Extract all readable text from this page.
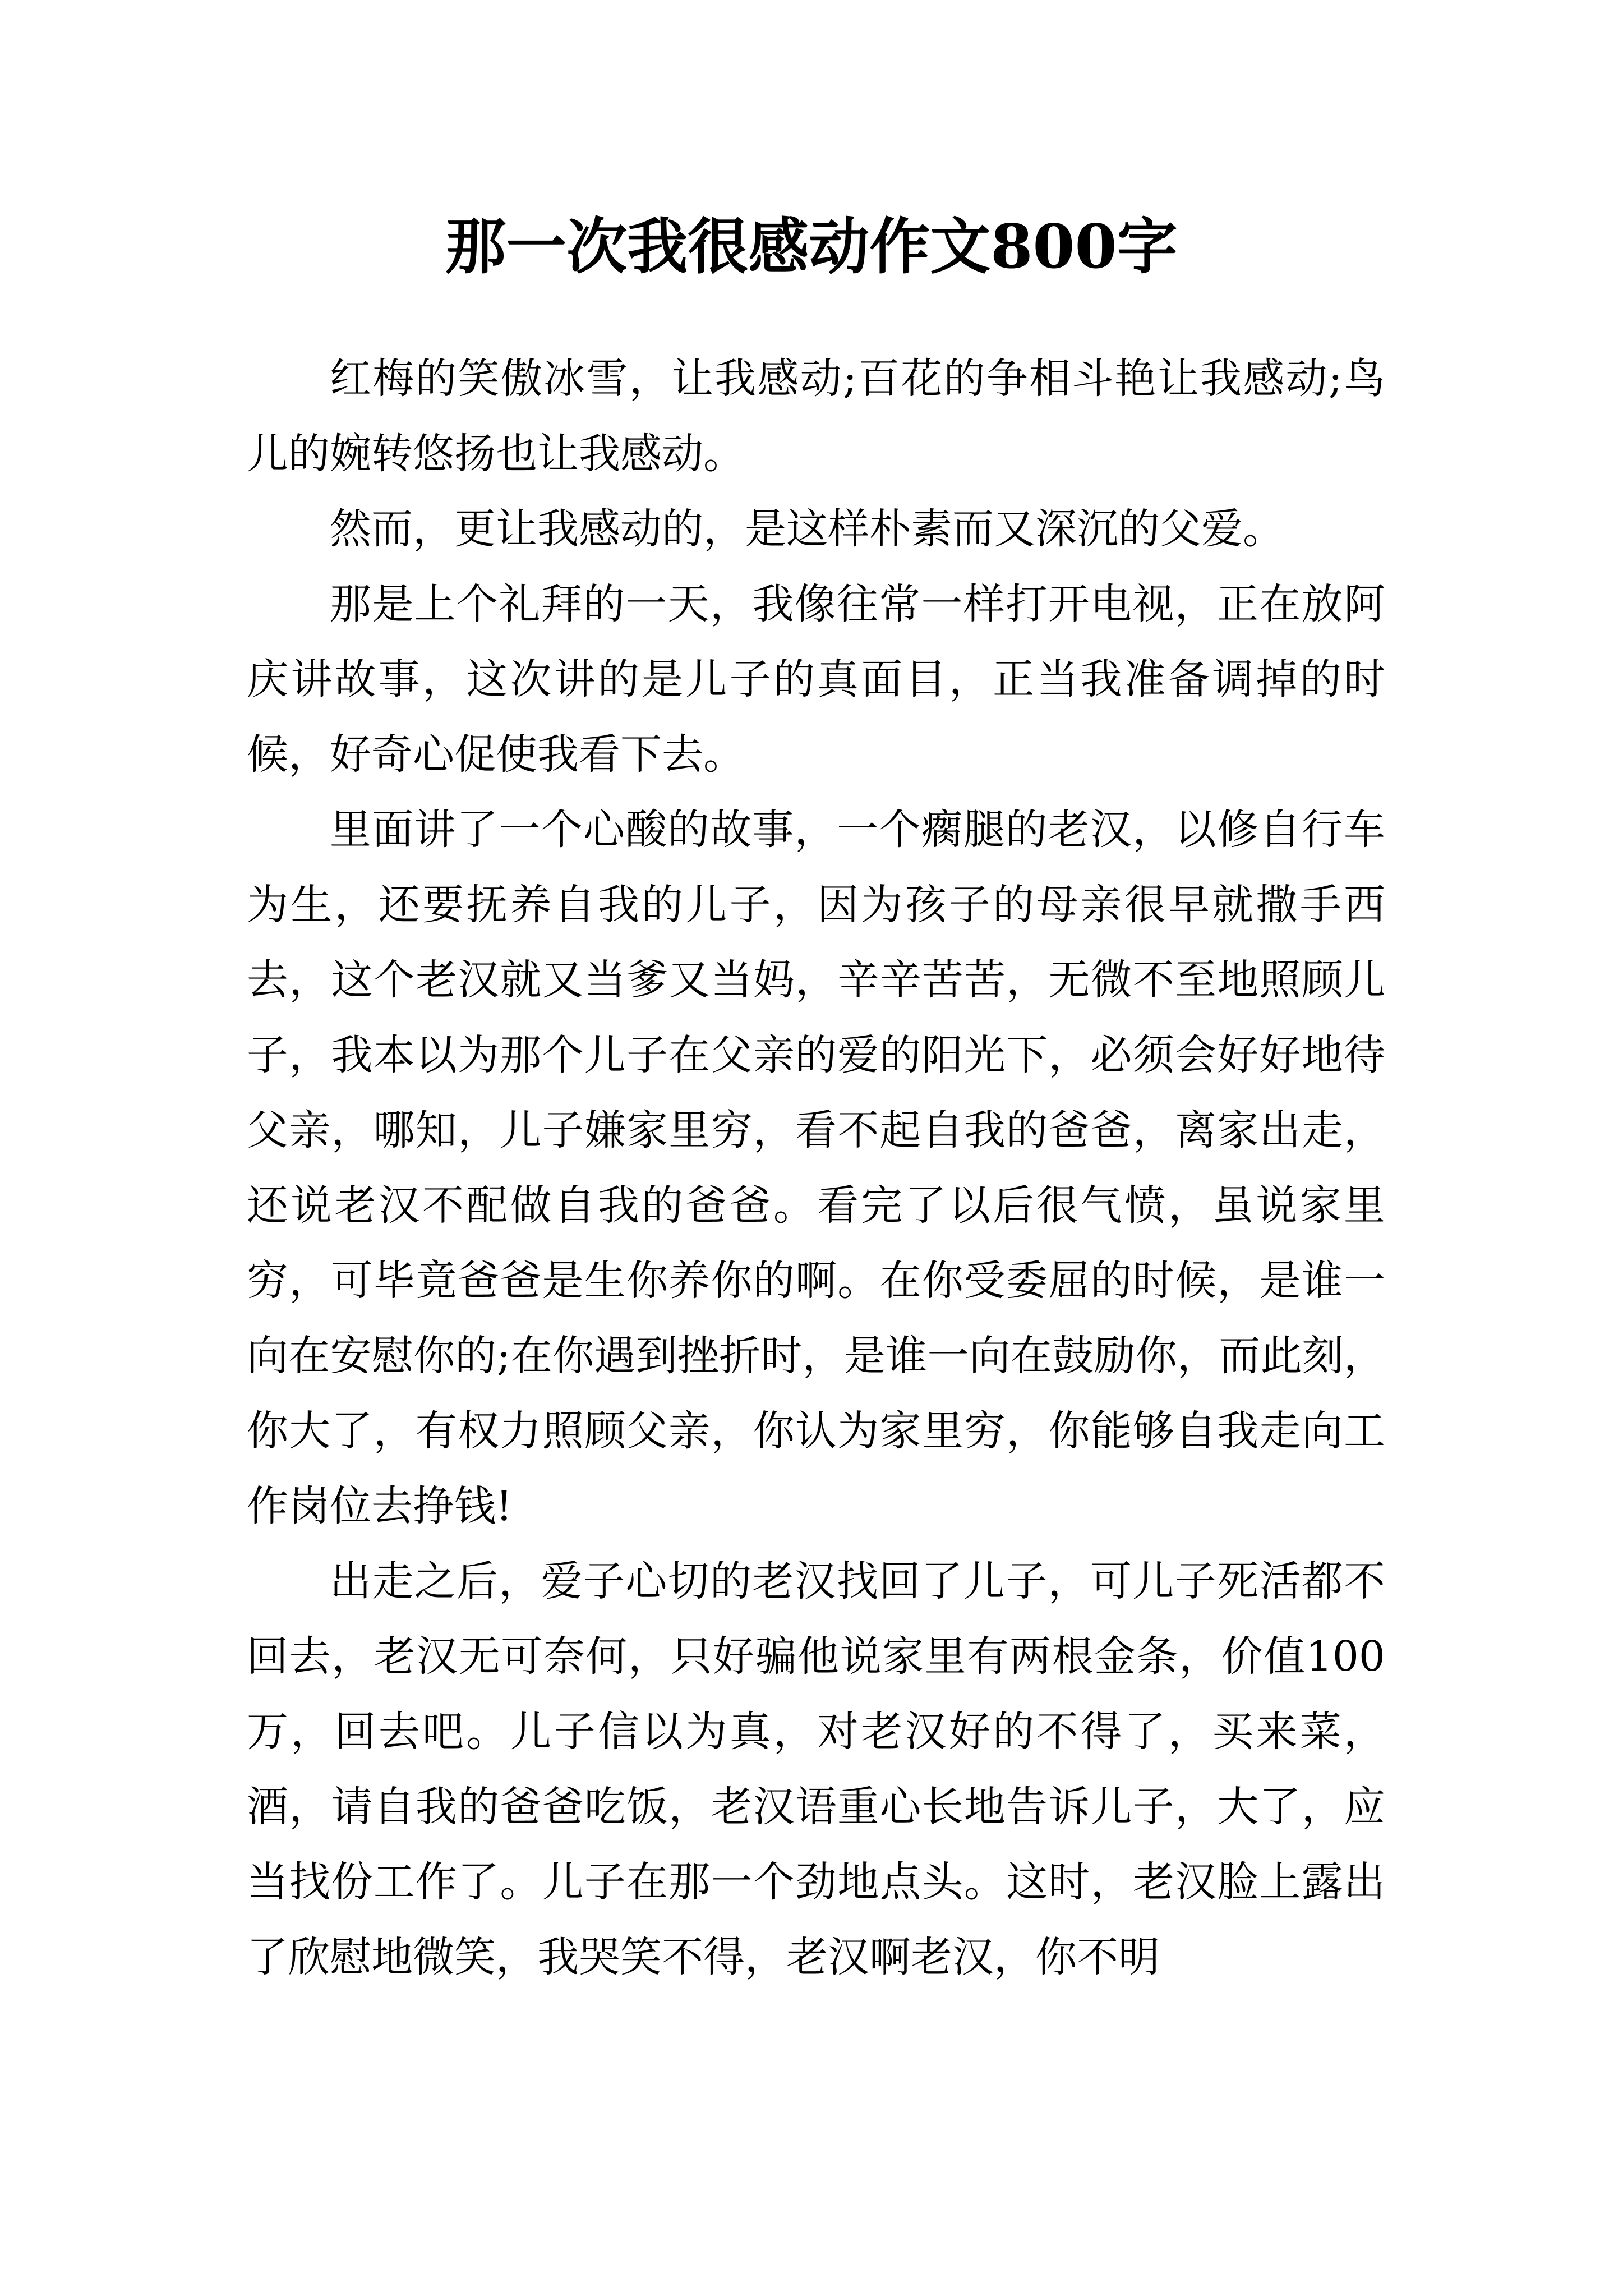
那一次我很感动作文800字

红梅的笑傲冰雪，让我感动;百花的争相斗艳让我感动;鸟儿的婉转悠扬也让我感动。

然而，更让我感动的，是这样朴素而又深沉的父爱。

那是上个礼拜的一天，我像往常一样打开电视，正在放阿庆讲故事，这次讲的是儿子的真面目，正当我准备调掉的时候，好奇心促使我看下去。

里面讲了一个心酸的故事，一个瘸腿的老汉，以修自行车为生，还要抚养自我的儿子，因为孩子的母亲很早就撒手西去，这个老汉就又当爹又当妈，辛辛苦苦，无微不至地照顾儿子，我本以为那个儿子在父亲的爱的阳光下，必须会好好地待父亲，哪知，儿子嫌家里穷，看不起自我的爸爸，离家出走，还说老汉不配做自我的爸爸。看完了以后很气愤，虽说家里穷，可毕竟爸爸是生你养你的啊。在你受委屈的时候，是谁一向在安慰你的;在你遇到挫折时，是谁一向在鼓励你，而此刻，你大了，有权力照顾父亲，你认为家里穷，你能够自我走向工作岗位去挣钱!

出走之后，爱子心切的老汉找回了儿子，可儿子死活都不回去，老汉无可奈何，只好骗他说家里有两根金条，价值100万，回去吧。儿子信以为真，对老汉好的不得了，买来菜，酒，请自我的爸爸吃饭，老汉语重心长地告诉儿子，大了，应当找份工作了。儿子在那一个劲地点头。这时，老汉脸上露出了欣慰地微笑，我哭笑不得，老汉啊老汉，你不明
